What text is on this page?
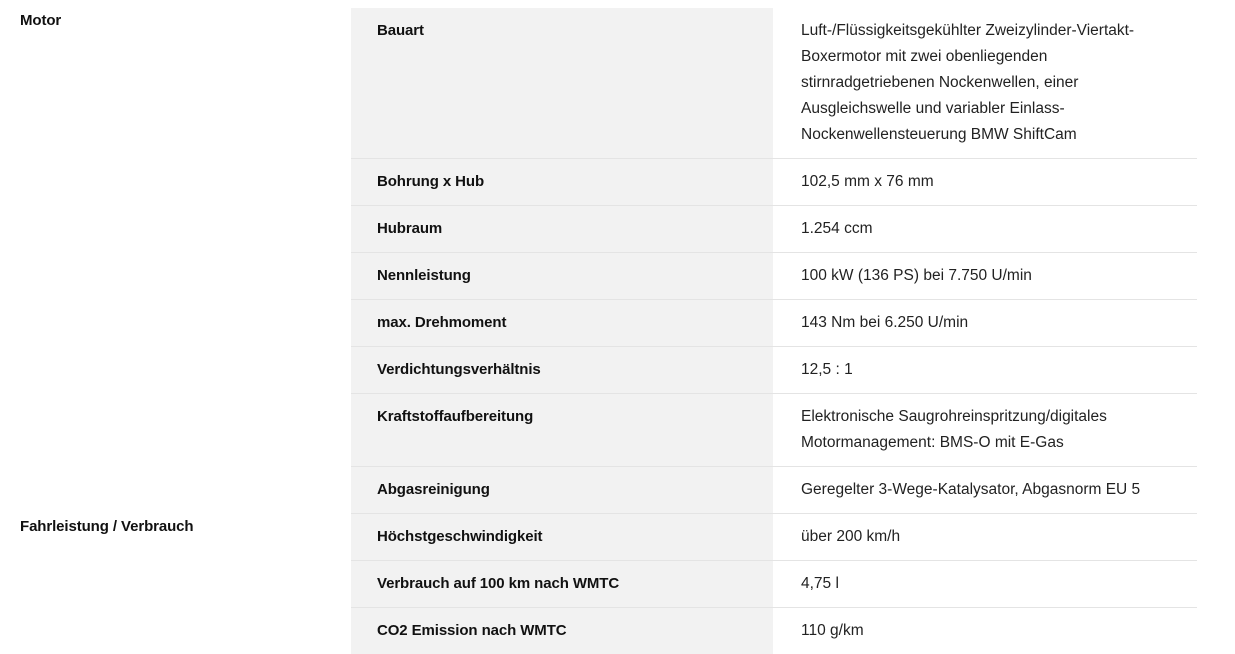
Motor
Fahrleistung / Verbrauch
Bauart	Luft-/Flüssigkeitsgekühlter Zweizylinder-Viertakt-Boxermotor mit zwei obenliegenden stirnradgetriebenen Nockenwellen, einer Ausgleichswelle und variabler Einlass-Nockenwellensteuerung BMW ShiftCam
Bohrung x Hub	102,5 mm x 76 mm
Hubraum	1.254 ccm
Nennleistung	100 kW (136 PS) bei 7.750 U/min
max. Drehmoment	143 Nm bei 6.250 U/min
Verdichtungsverhältnis	12,5 : 1
Kraftstoffaufbereitung	Elektronische Saugrohreinspritzung/digitales Motormanagement: BMS-O mit E-Gas
Abgasreinigung	Geregelter 3-Wege-Katalysator, Abgasnorm EU 5
Höchstgeschwindigkeit	über 200 km/h
Verbrauch auf 100 km nach WMTC	4,75 l
CO2 Emission nach WMTC	110 g/km
